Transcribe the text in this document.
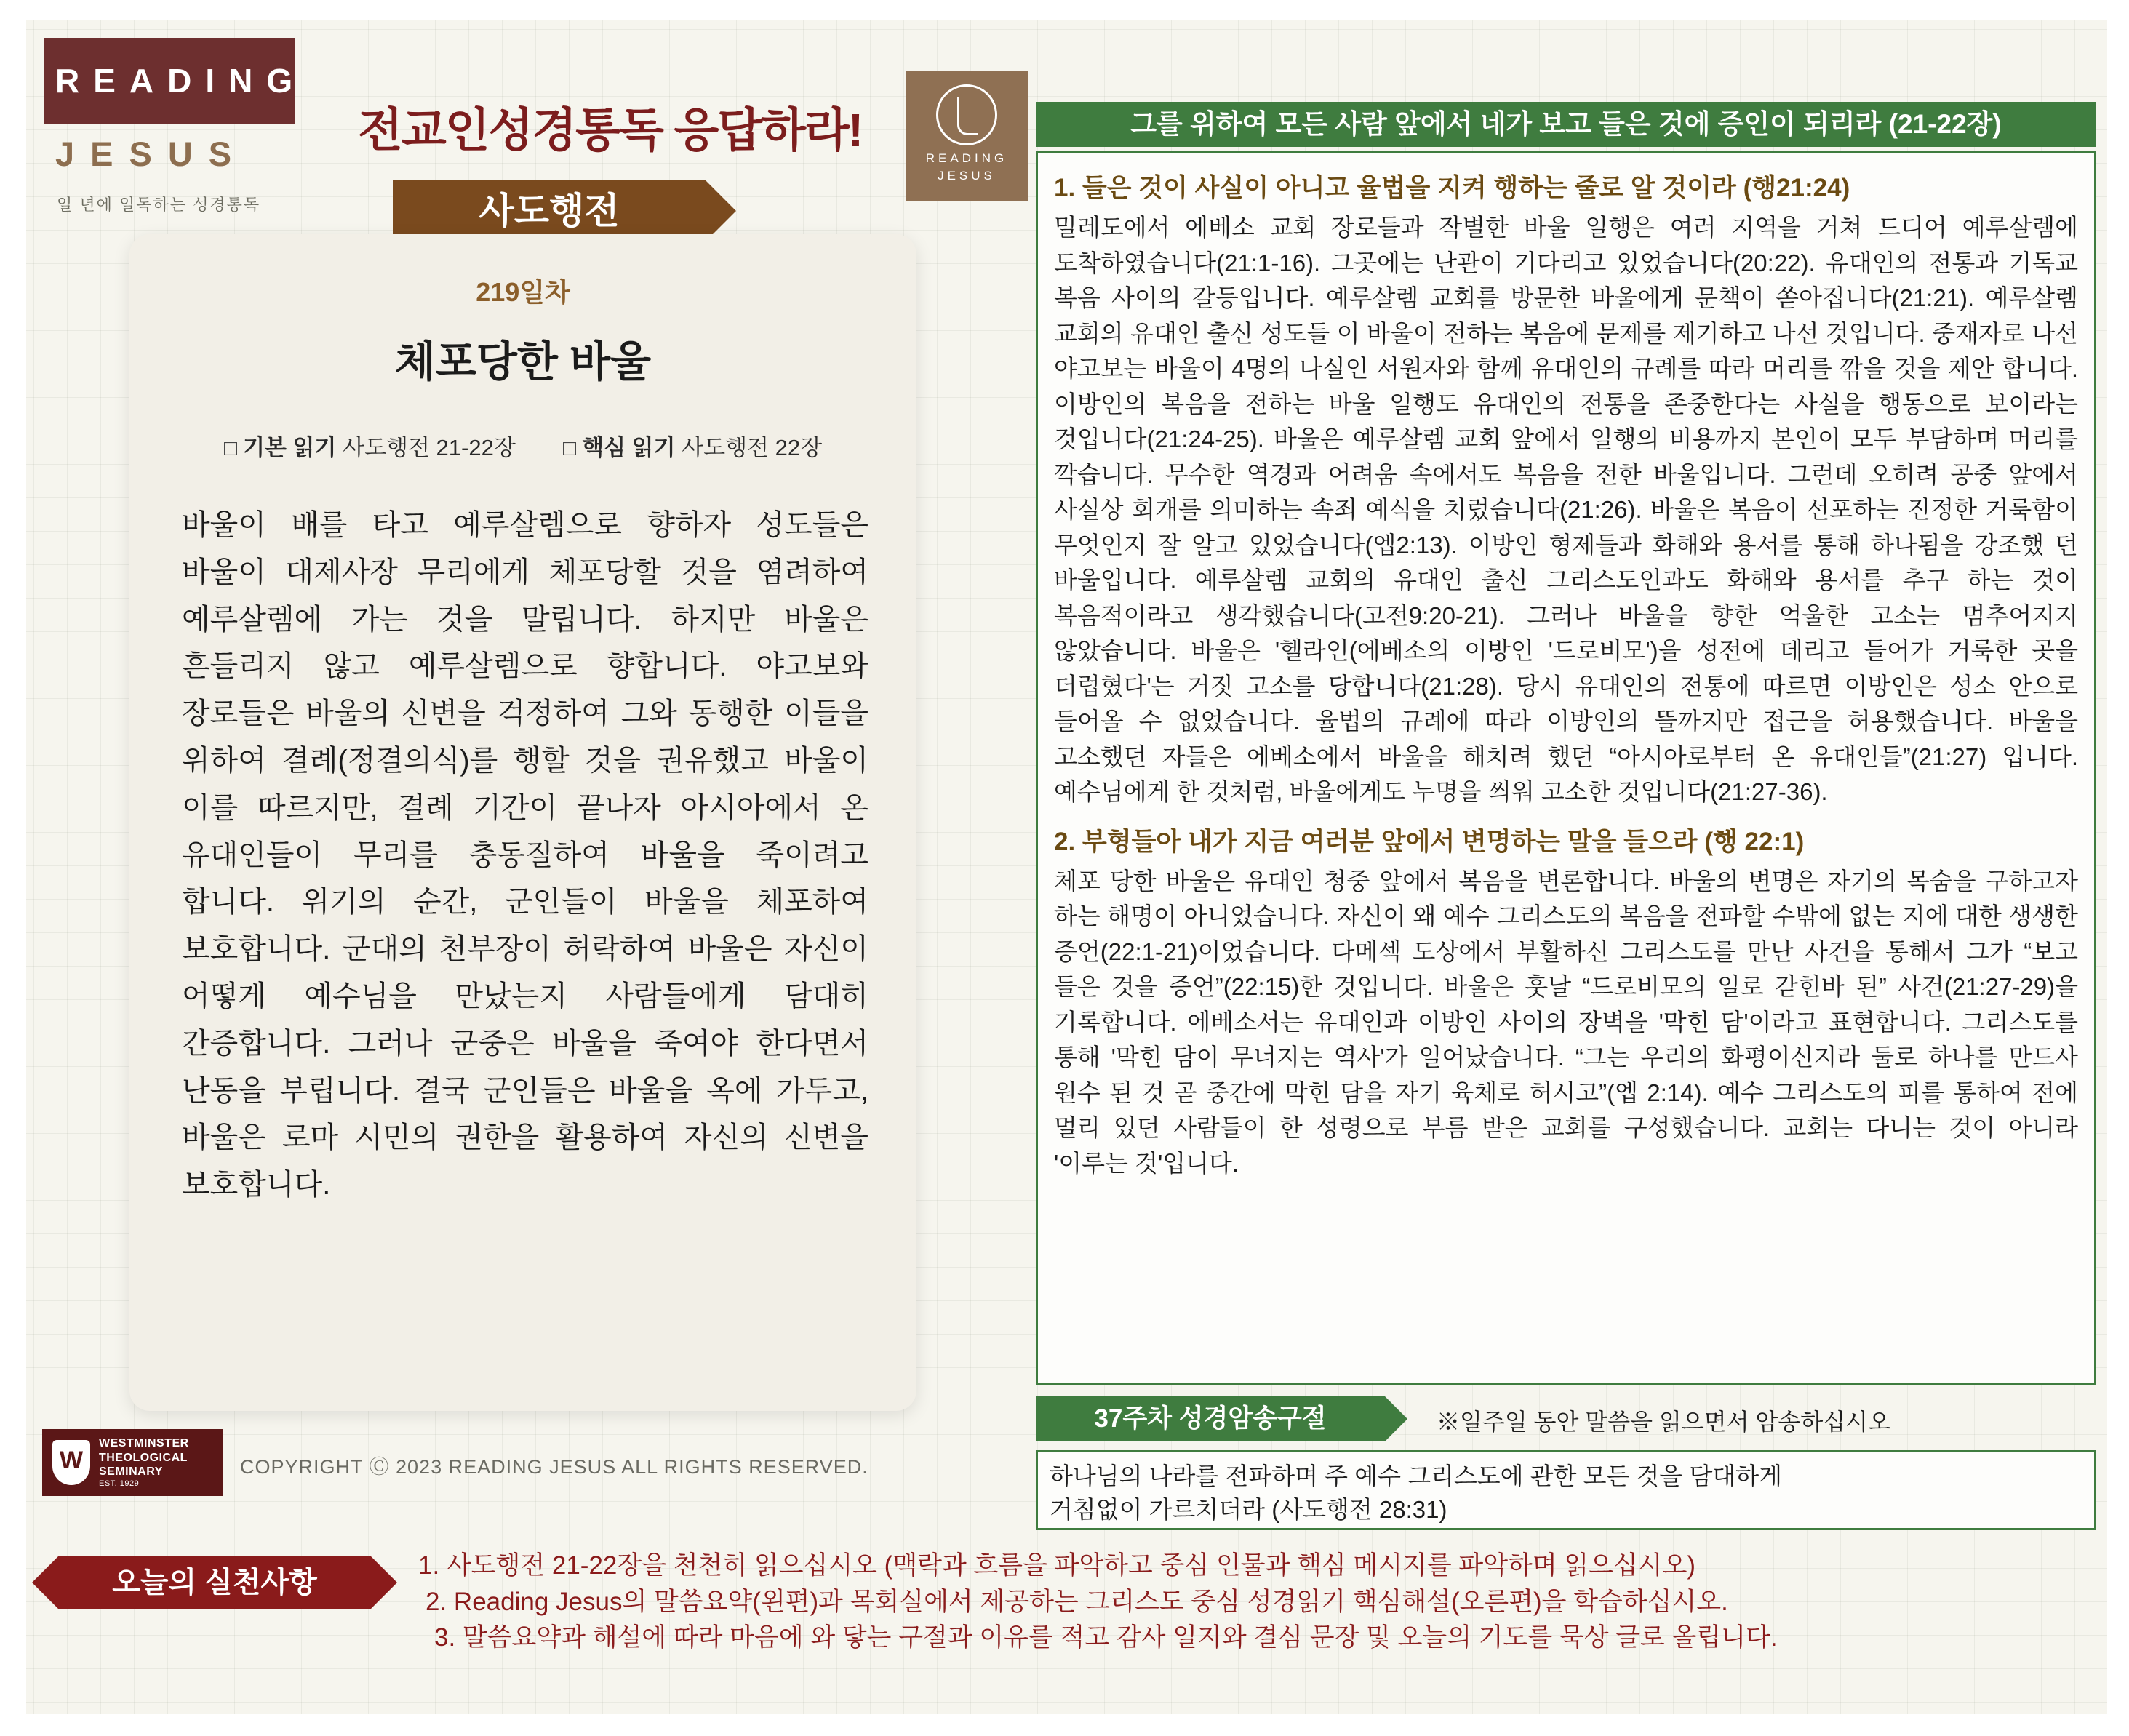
READING
JESUS
일 년에 일독하는 성경통독
전교인성경통독 응답하라!
사도행전
READING
JESUS
219일차
체포당한 바울
□ 기본 읽기 사도행전 21-22장 □ 핵심 읽기 사도행전 22장
바울이 배를 타고 예루살렘으로 향하자 성도들은 바울이 대제사장 무리에게 체포당할 것을 염려하여 예루살렘에 가는 것을 말립니다. 하지만 바울은 흔들리지 않고 예루살렘으로 향합니다. 야고보와 장로들은 바울의 신변을 걱정하여 그와 동행한 이들을 위하여 결례(정결의식)를 행할 것을 권유했고 바울이 이를 따르지만, 결례 기간이 끝나자 아시아에서 온 유대인들이 무리를 충동질하여 바울을 죽이려고 합니다. 위기의 순간, 군인들이 바울을 체포하여 보호합니다. 군대의 천부장이 허락하여 바울은 자신이 어떻게 예수님을 만났는지 사람들에게 담대히 간증합니다. 그러나 군중은 바울을 죽여야 한다면서 난동을 부립니다. 결국 군인들은 바울을 옥에 가두고, 바울은 로마 시민의 권한을 활용하여 자신의 신변을 보호합니다.
W
WESTMINSTER
THEOLOGICAL
SEMINARY
EST. 1929
COPYRIGHT Ⓒ 2023 READING JESUS ALL RIGHTS RESERVED.
그를 위하여 모든 사람 앞에서 네가 보고 들은 것에 증인이 되리라 (21-22장)
1. 들은 것이 사실이 아니고 율법을 지켜 행하는 줄로 알 것이라 (행21:24)
밀레도에서 에베소 교회 장로들과 작별한 바울 일행은 여러 지역을 거쳐 드디어 예루살렘에 도착하였습니다(21:1-16). 그곳에는 난관이 기다리고 있었습니다(20:22). 유대인의 전통과 기독교 복음 사이의 갈등입니다. 예루살렘 교회를 방문한 바울에게 문책이 쏟아집니다(21:21). 예루살렘 교회의 유대인 출신 성도들 이 바울이 전하는 복음에 문제를 제기하고 나선 것입니다. 중재자로 나선 야고보는 바울이 4명의 나실인 서원자와 함께 유대인의 규례를 따라 머리를 깎을 것을 제안 합니다. 이방인의 복음을 전하는 바울 일행도 유대인의 전통을 존중한다는 사실을 행동으로 보이라는 것입니다(21:24-25). 바울은 예루살렘 교회 앞에서 일행의 비용까지 본인이 모두 부담하며 머리를 깍습니다. 무수한 역경과 어려움 속에서도 복음을 전한 바울입니다. 그런데 오히려 공중 앞에서 사실상 회개를 의미하는 속죄 예식을 치렀습니다(21:26). 바울은 복음이 선포하는 진정한 거룩함이 무엇인지 잘 알고 있었습니다(엡2:13). 이방인 형제들과 화해와 용서를 통해 하나됨을 강조했 던 바울입니다. 예루살렘 교회의 유대인 출신 그리스도인과도 화해와 용서를 추구 하는 것이 복음적이라고 생각했습니다(고전9:20-21). 그러나 바울을 향한 억울한 고소는 멈추어지지 않았습니다. 바울은 '헬라인(에베소의 이방인 '드로비모')을 성전에 데리고 들어가 거룩한 곳을 더럽혔다'는 거짓 고소를 당합니다(21:28). 당시 유대인의 전통에 따르면 이방인은 성소 안으로 들어올 수 없었습니다. 율법의 규례에 따라 이방인의 뜰까지만 접근을 허용했습니다. 바울을 고소했던 자들은 에베소에서 바울을 해치려 했던 “아시아로부터 온 유대인들”(21:27) 입니다. 예수님에게 한 것처럼, 바울에게도 누명을 씌워 고소한 것입니다(21:27-36).
2. 부형들아 내가 지금 여러분 앞에서 변명하는 말을 들으라 (행 22:1)
체포 당한 바울은 유대인 청중 앞에서 복음을 변론합니다. 바울의 변명은 자기의 목숨을 구하고자 하는 해명이 아니었습니다. 자신이 왜 예수 그리스도의 복음을 전파할 수밖에 없는 지에 대한 생생한 증언(22:1-21)이었습니다. 다메섹 도상에서 부활하신 그리스도를 만난 사건을 통해서 그가 “보고 들은 것을 증언”(22:15)한 것입니다. 바울은 훗날 “드로비모의 일로 갇힌바 된” 사건(21:27-29)을 기록합니다. 에베소서는 유대인과 이방인 사이의 장벽을 '막힌 담'이라고 표현합니다. 그리스도를 통해 '막힌 담이 무너지는 역사'가 일어났습니다. “그는 우리의 화평이신지라 둘로 하나를 만드사 원수 된 것 곧 중간에 막힌 담을 자기 육체로 허시고”(엡 2:14). 예수 그리스도의 피를 통하여 전에 멀리 있던 사람들이 한 성령으로 부름 받은 교회를 구성했습니다. 교회는 다니는 것이 아니라 '이루는 것'입니다.
37주차 성경암송구절	※일주일 동안 말씀을 읽으면서 암송하십시오
하나님의 나라를 전파하며 주 예수 그리스도에 관한 모든 것을 담대하게
거침없이 가르치더라 (사도행전 28:31)
오늘의 실천사항
1. 사도행전 21-22장을 천천히 읽으십시오 (맥락과 흐름을 파악하고 중심 인물과 핵심 메시지를 파악하며 읽으십시오)
2. Reading Jesus의 말씀요약(왼편)과 목회실에서 제공하는 그리스도 중심 성경읽기 핵심해설(오른편)을 학습하십시오.
3. 말씀요약과 해설에 따라 마음에 와 닿는 구절과 이유를 적고 감사 일지와 결심 문장 및 오늘의 기도를 묵상 글로 올립니다.
